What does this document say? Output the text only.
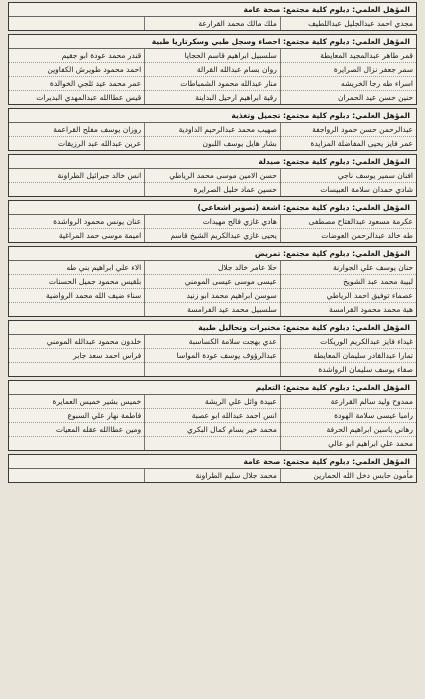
المؤهل العلمي: دبلوم كلية مجتمع: صحة عامة
مجدي احمد عبدالجليل عبداللطيف	ملك مالك محمد القرارعة	
المؤهل العلمي: دبلوم كلية مجتمع: احصاء وسجل طبي وسكرتاريا طبية
قمر طاهر عبدالمجيد المعايطة	سلسبيل ابراهيم قاسم الحجايا	قندر محمد عودة ابو جقيم
سمر جعفر نزال الصرايرة	روان بسام عبدالله القرالة	احمد محمود طويرش الكفاوين
اسراء طه رجا الخريشه	منار عبدالله محمود الشمباطات	عمر محمد عيد ثلجي الخوالدة
حنين حسن عيد الحمران	رقية ابراهيم ارحيل البداينة	قيس عطاالله عبدالمهدي البديرات
المؤهل العلمي: دبلوم كلية مجتمع: تجميل وتغذية
عبدالرحمن حسن حمود الرواجفة	صهيب محمد عبدالرحيم الداودية	روزان يوسف مفلح القراعمة
عمر فايز يحيى المفاضلة المزايدة	بشار هايل يوسف اللبون	عرين عبدالله عبد الرزيقات
المؤهل العلمي: دبلوم كلية مجتمع: صيدلة
افنان سمير يوسف ناجي	حسن الامين موسى محمد الرياطي	انس خالد جبرائيل الطراونة
شادي حمدان سلامة العبيسات	حسين عماد خليل الصرايرة	
المؤهل العلمي: دبلوم كلية مجتمع: اشعة (تصوير اشعاعي)
عكرمة مسعود عبدالفتاح مصطفى	هادي غازي فالح مهيدات	عنان يونس محمود الرواشدة
طه خالد عبدالرحمن العوضات	يحيى غازي عبدالكريم الشيخ قاسم	اميمة موسى حمد المراغية
المؤهل العلمي: دبلوم كلية مجتمع: تمريض
حنان يوسف علي الجوارنة	حلا عامر خالد جلال	الاء علي ابراهيم بني طه
لبيبة محمد عبد الشويخ	عيسى موسى عيسى المومني	بلقيس محمود جميل الحسنات
عصماء توفيق احمد الرياطي	سوسن ابراهيم محمد ابو زنيد	سناء ضيف الله محمد الرواضية
هبة محمد محمود القرامسة	سلسبيل محمد عيد الفرامسة	
المؤهل العلمي: دبلوم كلية مجتمع: مختبرات وتحاليل طبية
غيداء فايز عبدالكريم الوريكات	عدي بهجت سلامة الكساسبة	خلدون محمود عبدالله المومني
تمارا عبدالقادر سليمان المعايطة	عبدالرؤوف يوسف عودة المواسا	فراس احمد سعد جابر
صفاء يوسف سليمان الرواشدة		
المؤهل العلمي: دبلوم كلية مجتمع: التعليم
ممدوح وليد سالم القرارعة	عبيدة وائل علي الريشة	خميس بشير خميس العمايرة
رامبا عيسى سلامة الهودة	انس احمد عبدالله ابو عصبة	فاطمة نهار علي السبوع
رهاني ياسين ابراهيم الحرفة	محمد خير بسام كمال البكري	ومين عطاالله عقله المعيات
محمد علي ابراهيم ابو عالي		
المؤهل العلمي: دبلوم كلية مجتمع: صحة عامة
مأمون حابس دخل الله الحمارين	محمد جلال سليم الطراونة	
